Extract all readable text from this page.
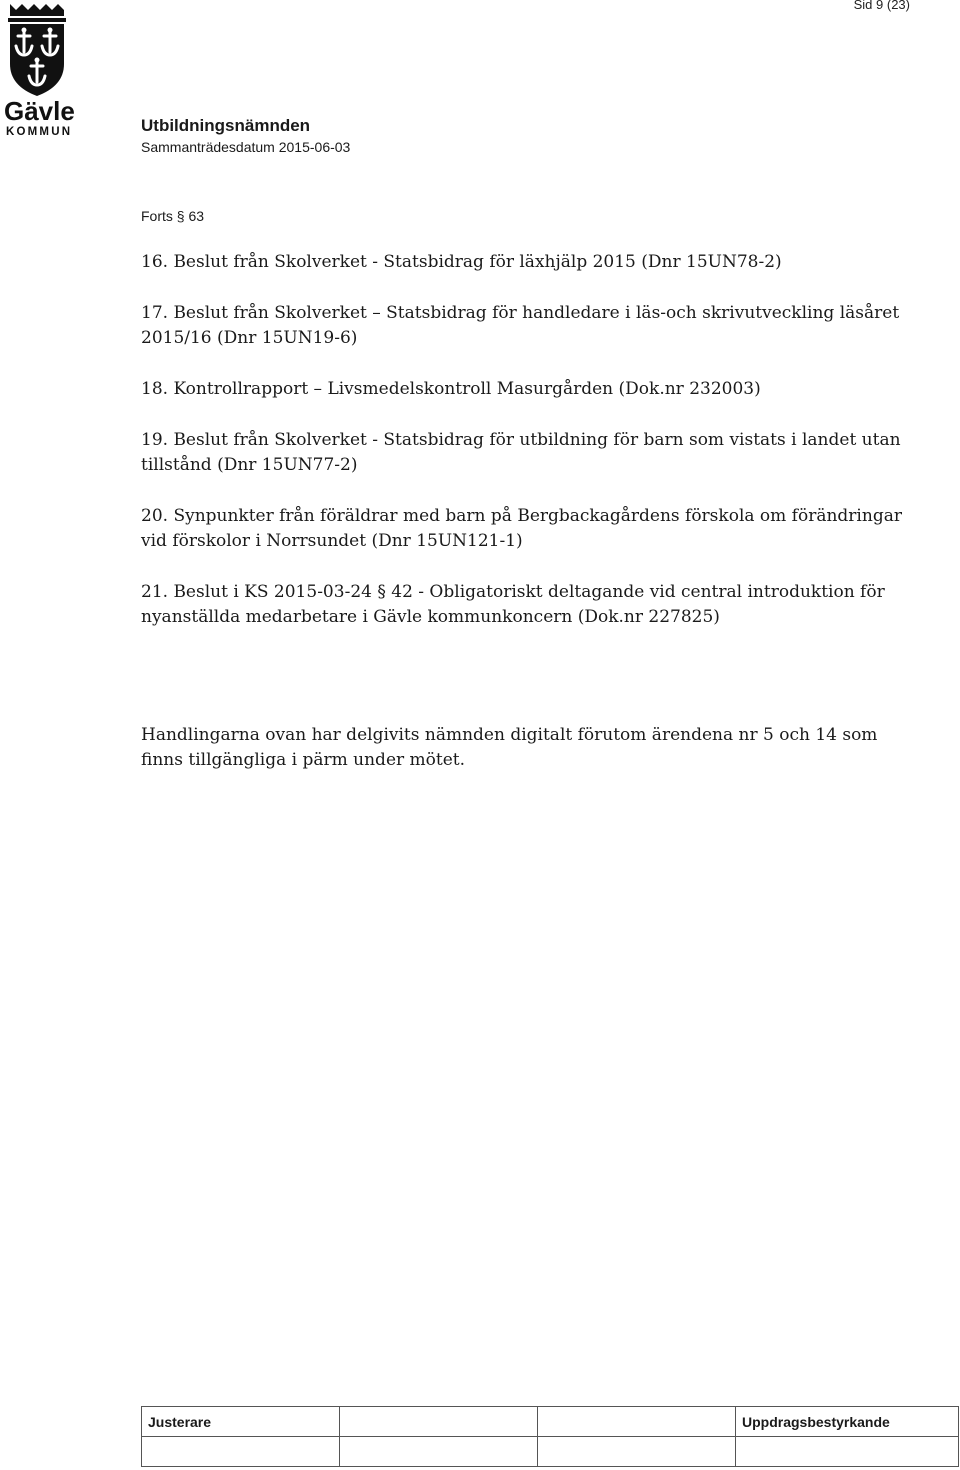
Sid 9 (23)
Gävle
KOMMUN	Utbildningsnämnden
Sammanträdesdatum 2015-06-03
Forts § 63

16. Beslut från Skolverket - Statsbidrag för läxhjälp 2015 (Dnr 15UN78-2)

17. Beslut från Skolverket – Statsbidrag för handledare i läs-och skrivutveckling läsåret 2015/16 (Dnr 15UN19-6)

18. Kontrollrapport – Livsmedelskontroll Masurgården (Dok.nr 232003)

19. Beslut från Skolverket - Statsbidrag för utbildning för barn som vistats i landet utan tillstånd (Dnr 15UN77-2)

20. Synpunkter från föräldrar med barn på Bergbackagårdens förskola om förändringar vid förskolor i Norrsundet (Dnr 15UN121-1)

21. Beslut i KS 2015-03-24 § 42 - Obligatoriskt deltagande vid central introduktion för nyanställda medarbetare i Gävle kommunkoncern (Dok.nr 227825)

Handlingarna ovan har delgivits nämnden digitalt förutom ärendena nr 5 och 14 som finns tillgängliga i pärm under mötet.

Justerare			Uppdragsbestyrkande
